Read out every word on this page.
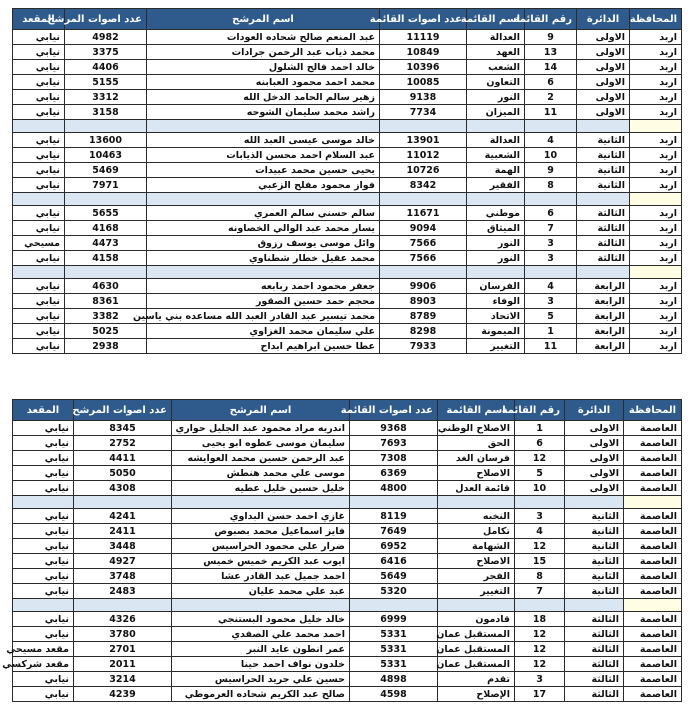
المحافظة	الدائرة	رقم القائمة	اسم القائمة	عدد اصوات القائمة	اسم المرشح	عدد اصوات المرشح	المقعد
اربد	الاولى	9	العدالة	11119	عبد المنعم صالح شحاده العودات	4982	نيابي
اربد	الاولى	13	العهد	10849	محمد ذياب عبد الرحمن جرادات	3375	نيابي
اربد	الاولى	14	الشعب	10396	خالد احمد فالح الشلول	4406	نيابي
اربد	الاولى	6	التعاون	10085	محمد احمد محمود العبابنه	5155	نيابي
اربد	الاولى	2	النور	9138	زهير سالم الحامد الدخل الله	3312	نيابي
اربد	الاولى	11	الميزان	7734	راشد محمد سليمان الشوحه	3158	نيابي

اربد	الثانية	4	العدالة	13901	خالد موسى عيسى العبد الله	13600	نيابي
اربد	الثانية	10	الشعبية	11012	عبد السلام احمد محسن الذيابات	10463	نيابي
اربد	الثانية	9	الهمة	10726	يحيى حسين محمد عبيدات	5469	نيابي
اربد	الثانية	8	الفقير	8342	فواز محمود مفلح الزعبي	7971	نيابي

اربد	الثالثة	6	موطني	11671	سالم حسني سالم العمري	5655	نيابي
اربد	الثالثة	7	الميثاق	9094	يسار محمد عبد الوالي الخصاونه	4168	نيابي
اربد	الثالثة	3	النور	7566	وائل موسى يوسف رزوق	4473	مسيحي
اربد	الثالثة	3	النور	7566	محمد عقيل خطار شطناوي	4158	نيابي

اربد	الرابعة	4	الفرسان	9906	جعفر محمود احمد ربابعه	4630	نيابي
اربد	الرابعة	3	الوفاء	8903	محجم حمد حسين الصقور	8361	نيابي
اربد	الرابعة	5	الاتحاد	8789	محمد تيسير عبد القادر العبد الله مساعده بني ياسين	3382	نيابي
اربد	الرابعة	1	الميمونة	8298	علي سليمان محمد الغزاوي	5025	نيابي
اربد	الرابعة	11	التغيير	7933	عطا حسين ابراهيم ابداح	2938	نيابي
المحافظة	الدائرة	رقم القائمة	اسم القائمة	عدد اصوات القائمة	اسم المرشح	عدد اصوات المرشح	المقعد
العاصمة	الاولى	1	الاصلاح الوطني	9368	اندريه مراد محمود عبد الجليل حواري	8345	نيابي
العاصمة	الاولى	6	الحق	7693	سليمان موسى عطوه ابو يحيى	2752	نيابي
العاصمة	الاولى	12	فرسان الغد	7308	عبد الرحمن حسين محمد العوايشه	4411	نيابي
العاصمة	الاولى	5	الاصلاح	6369	موسى علي محمد هنطش	5050	نيابي
العاصمة	الاولى	10	قائمة العدل	4800	خليل حسين خليل عطيه	4308	نيابي

العاصمة	الثانية	3	النخبه	8119	غازي احمد حسن البداوي	4241	نيابي
العاصمة	الثانية	4	تكامل	7649	فايز اسماعيل محمد بصبوص	2411	نيابي
العاصمة	الثانية	12	الشهامة	6952	ضرار علي محمود الحراسيس	3448	نيابي
العاصمة	الثانية	15	الاصلاح	6416	ايوب عبد الكريم خميس خميس	4927	نيابي
العاصمة	الثانية	8	الفجر	5649	احمد جميل عبد القادر عشا	3748	نيابي
العاصمة	الثانية	7	التغيير	5320	عبد علي محمد عليان	2483	نيابي

العاصمة	الثالثة	18	قادمون	6999	خالد خليل محمود البستنجي	4326	نيابي
العاصمة	الثالثة	12	المستقبل عمان	5331	احمد محمد علي الصفدي	3780	نيابي
العاصمة	الثالثة	12	المستقبل عمان	5331	عمر انطون عايد النبر	2701	مقعد مسيحي
العاصمة	الثالثة	12	المستقبل عمان	5331	خلدون نواف احمد حينا	2011	مقعد شركسي
العاصمة	الثالثة	3	تقدم	4898	حسين علي جريد الحراسيس	3214	نيابي
العاصمة	الثالثة	17	الإصلاح	4598	صالح عبد الكريم شحاده العرموطي	4239	نيابي
